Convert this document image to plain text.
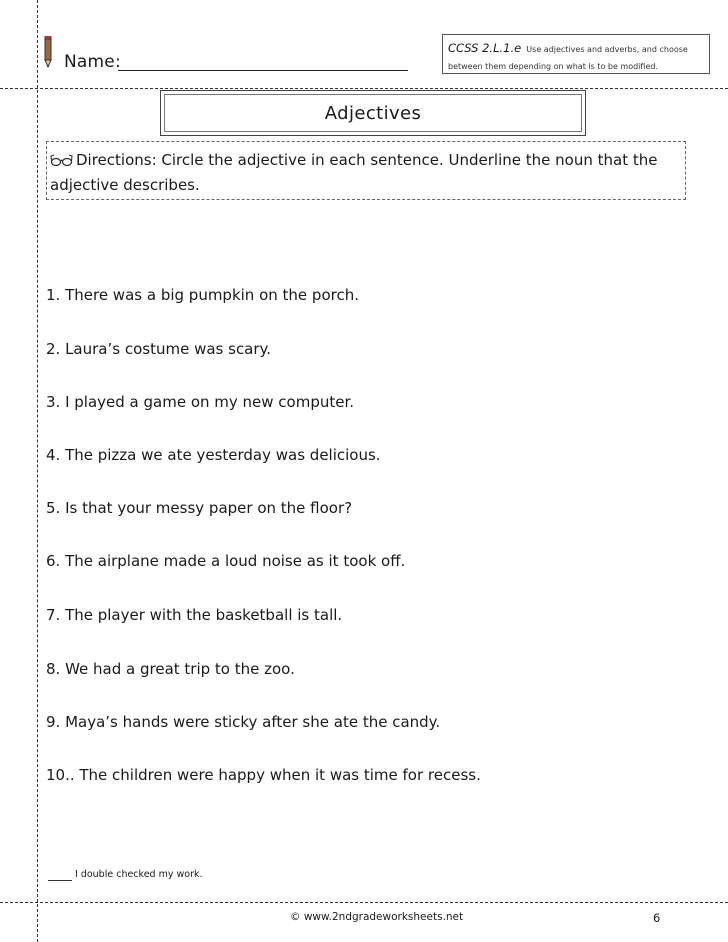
Name:
CCSS 2.L.1.e Use adjectives and adverbs, and choose
between them depending on what is to be modified.
Adjectives
Directions: Circle the adjective in each sentence. Underline the noun that the adjective describes.
1. There was a big pumpkin on the porch.
2. Laura’s costume was scary.
3. I played a game on my new computer.
4. The pizza we ate yesterday was delicious.
5. Is that your messy paper on the floor?
6. The airplane made a loud noise as it took off.
7. The player with the basketball is tall.
8. We had a great trip to the zoo.
9. Maya’s hands were sticky after she ate the candy.
10.. The children were happy when it was time for recess.
I double checked my work.
© www.2ndgradeworksheets.net	6
